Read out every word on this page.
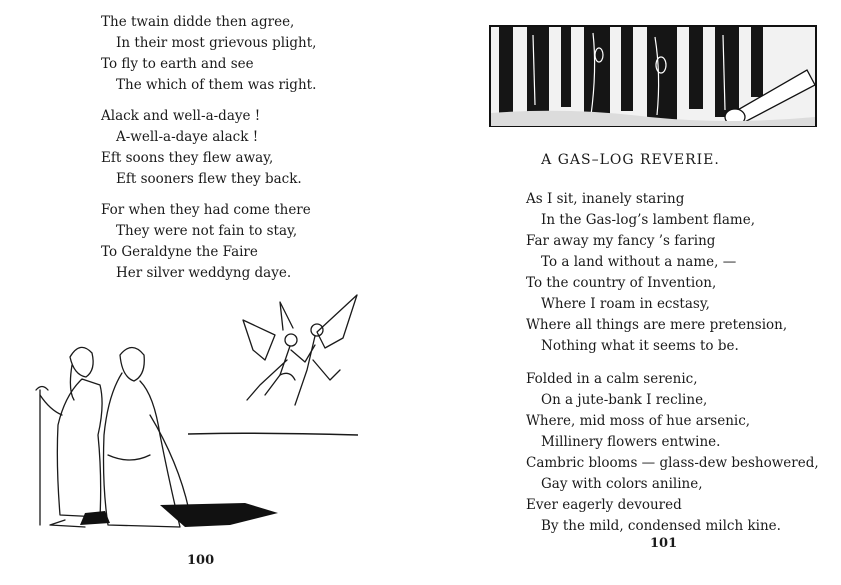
The twain didde then agree,
In their most grievous plight,
To fly to earth and see
The which of them was right.
Alack and well-a-daye !
A-well-a-daye alack !
Eft soons they flew away,
Eft sooners flew they back.
For when they had come there
They were not fain to stay,
To Geraldyne the Faire
Her silver weddyng daye.
100
A GAS–LOG REVERIE.
As I sit, inanely staring
In the Gas-log’s lambent flame,
Far away my fancy ’s faring
To a land without a name, —
To the country of Invention,
Where I roam in ecstasy,
Where all things are mere pretension,
Nothing what it seems to be.
Folded in a calm serenic,
On a jute-bank I recline,
Where, mid moss of hue arsenic,
Millinery flowers entwine.
Cambric blooms — glass-dew beshowered,
Gay with colors aniline,
Ever eagerly devoured
By the mild, condensed milch kine.
101
